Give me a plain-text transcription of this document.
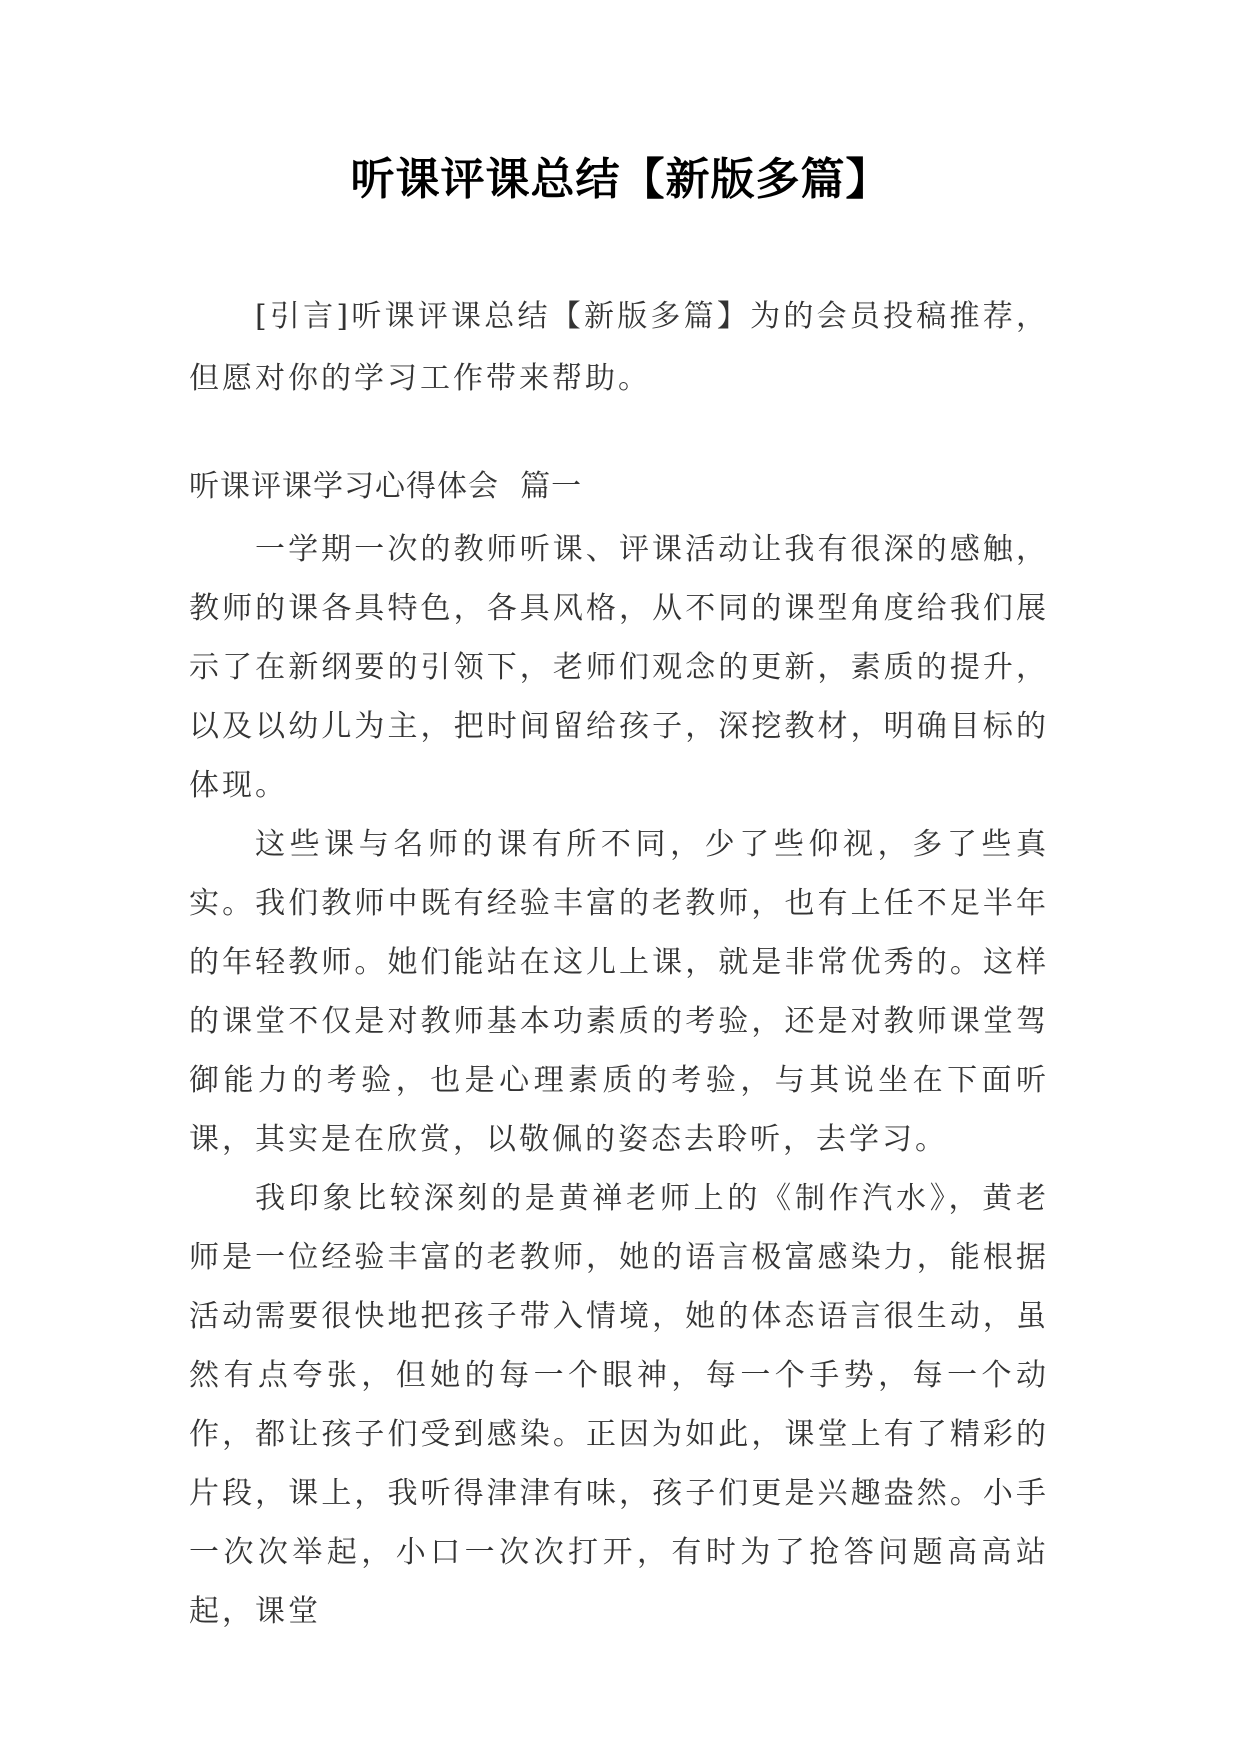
听课评课总结【新版多篇】

[引言]听课评课总结【新版多篇】为的会员投稿推荐，但愿对你的学习工作带来帮助。

听课评课学习心得体会  篇一

一学期一次的教师听课、评课活动让我有很深的感触，教师的课各具特色，各具风格，从不同的课型角度给我们展示了在新纲要的引领下，老师们观念的更新，素质的提升，以及以幼儿为主，把时间留给孩子，深挖教材，明确目标的体现。

这些课与名师的课有所不同，少了些仰视，多了些真实。我们教师中既有经验丰富的老教师，也有上任不足半年的年轻教师。她们能站在这儿上课，就是非常优秀的。这样的课堂不仅是对教师基本功素质的考验，还是对教师课堂驾御能力的考验，也是心理素质的考验，与其说坐在下面听课，其实是在欣赏，以敬佩的姿态去聆听，去学习。

我印象比较深刻的是黄禅老师上的《制作汽水》，黄老师是一位经验丰富的老教师，她的语言极富感染力，能根据活动需要很快地把孩子带入情境，她的体态语言很生动，虽然有点夸张，但她的每一个眼神，每一个手势，每一个动作，都让孩子们受到感染。正因为如此，课堂上有了精彩的片段，课上，我听得津津有味，孩子们更是兴趣盎然。小手一次次举起，小口一次次打开，有时为了抢答问题高高站起，课堂
